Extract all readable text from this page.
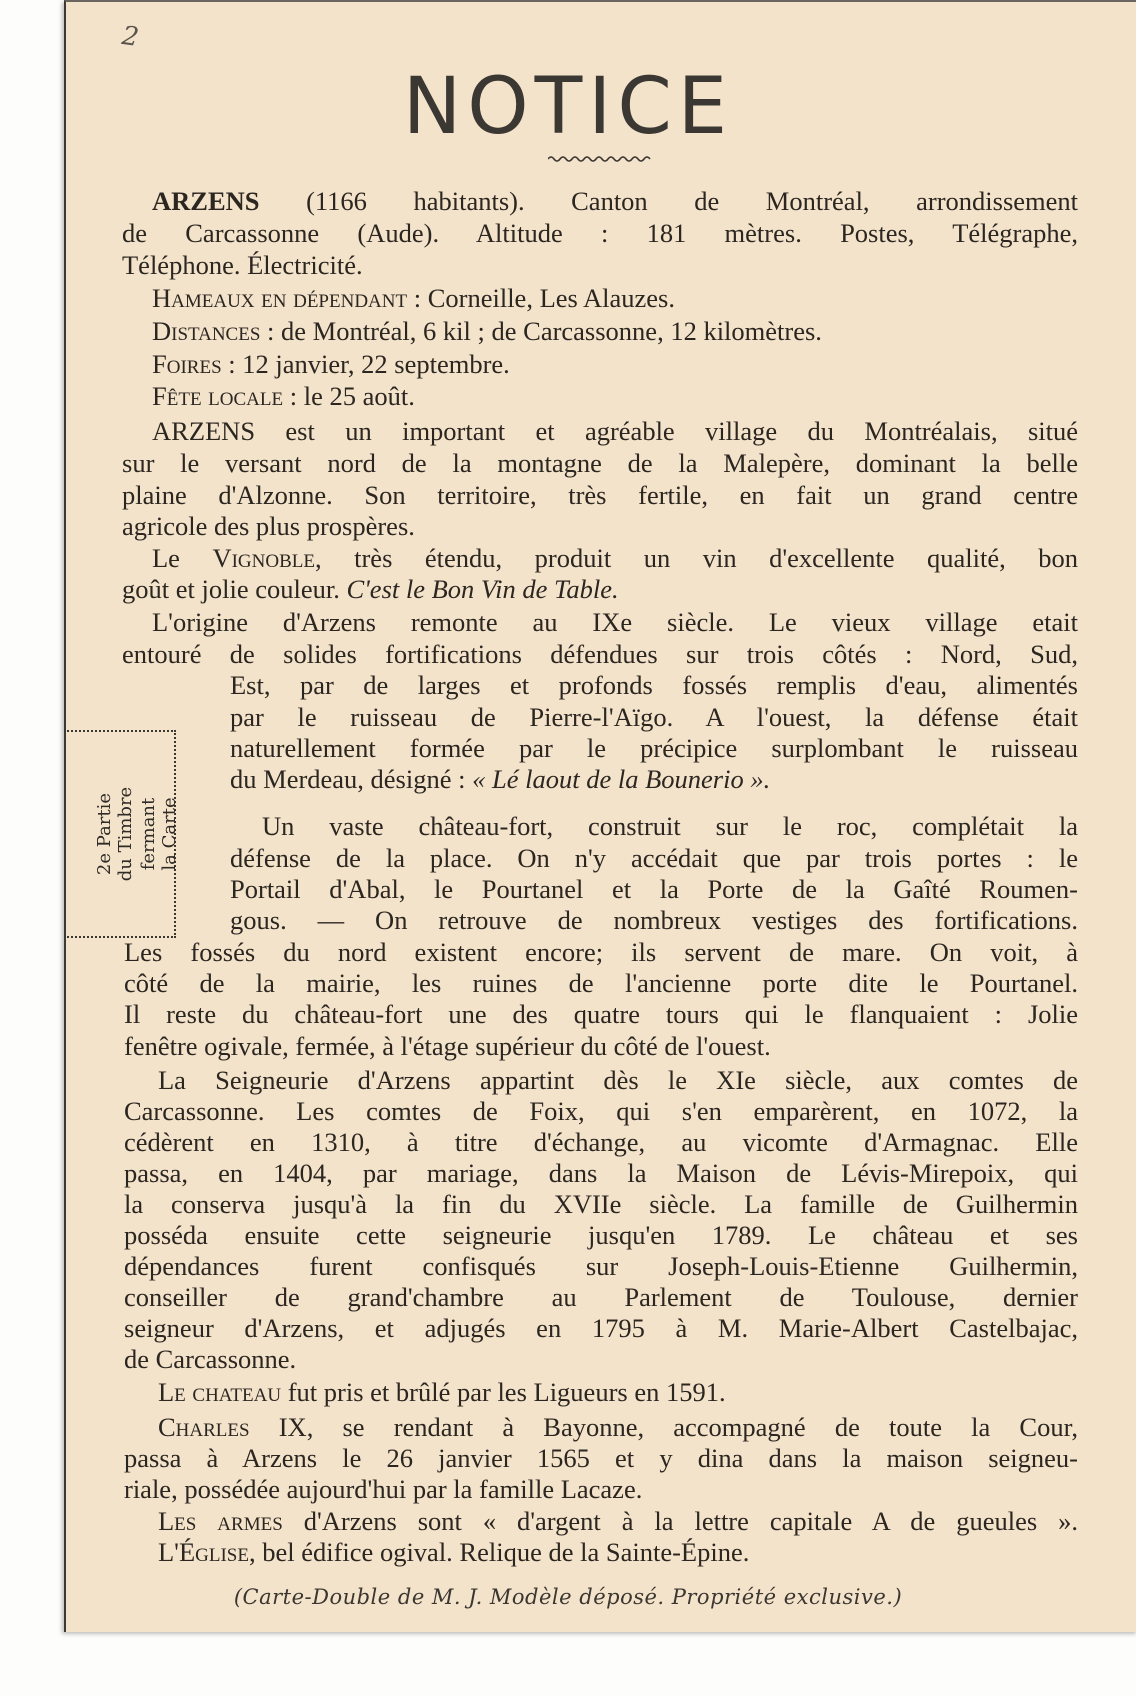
2
NOTICE
ARZENS (1166 habitants). Canton de Montréal, arrondissement
de Carcassonne (Aude). Altitude : 181 mètres. Postes, Télégraphe,
Téléphone. Électricité.
Hameaux en dépendant : Corneille, Les Alauzes.
Distances : de Montréal, 6 kil ; de Carcassonne, 12 kilomètres.
Foires : 12 janvier, 22 septembre.
Fête locale : le 25 août.
ARZENS est un important et agréable village du Montréalais, situé
sur le versant nord de la montagne de la Malepère, dominant la belle
plaine d'Alzonne. Son territoire, très fertile, en fait un grand centre
agricole des plus prospères.
Le Vignoble, très étendu, produit un vin d'excellente qualité, bon
goût et jolie couleur. C'est le Bon Vin de Table.
L'origine d'Arzens remonte au IXe siècle. Le vieux village etait
entouré de solides fortifications défendues sur trois côtés : Nord, Sud,
Est, par de larges et profonds fossés remplis d'eau, alimentés
par le ruisseau de Pierre-l'Aïgo. A l'ouest, la défense était
naturellement formée par le précipice surplombant le ruisseau
du Merdeau, désigné : « Lé laout de la Bounerio ».
2e Partie du Timbre fermant la Carte	Un vaste château-fort, construit sur le roc, complétait la
défense de la place. On n'y accédait que par trois portes : le
Portail d'Abal, le Pourtanel et la Porte de la Gaîté Roumen-
gous. — On retrouve de nombreux vestiges des fortifications.
Les fossés du nord existent encore; ils servent de mare. On voit, à
côté de la mairie, les ruines de l'ancienne porte dite le Pourtanel.
Il reste du château-fort une des quatre tours qui le flanquaient : Jolie
fenêtre ogivale, fermée, à l'étage supérieur du côté de l'ouest.
La Seigneurie d'Arzens appartint dès le XIe siècle, aux comtes de
Carcassonne. Les comtes de Foix, qui s'en emparèrent, en 1072, la
cédèrent en 1310, à titre d'échange, au vicomte d'Armagnac. Elle
passa, en 1404, par mariage, dans la Maison de Lévis-Mirepoix, qui
la conserva jusqu'à la fin du XVIIe siècle. La famille de Guilhermin
posséda ensuite cette seigneurie jusqu'en 1789. Le château et ses
dépendances furent confisqués sur Joseph-Louis-Etienne Guilhermin,
conseiller de grand'chambre au Parlement de Toulouse, dernier
seigneur d'Arzens, et adjugés en 1795 à M. Marie-Albert Castelbajac,
de Carcassonne.
Le chateau fut pris et brûlé par les Ligueurs en 1591.
Charles IX, se rendant à Bayonne, accompagné de toute la Cour,
passa à Arzens le 26 janvier 1565 et y dina dans la maison seigneu-
riale, possédée aujourd'hui par la famille Lacaze.
Les armes d'Arzens sont « d'argent à la lettre capitale A de gueules ».
L'Église, bel édifice ogival. Relique de la Sainte-Épine.
(Carte-Double de M. J. Modèle déposé. Propriété exclusive.)
